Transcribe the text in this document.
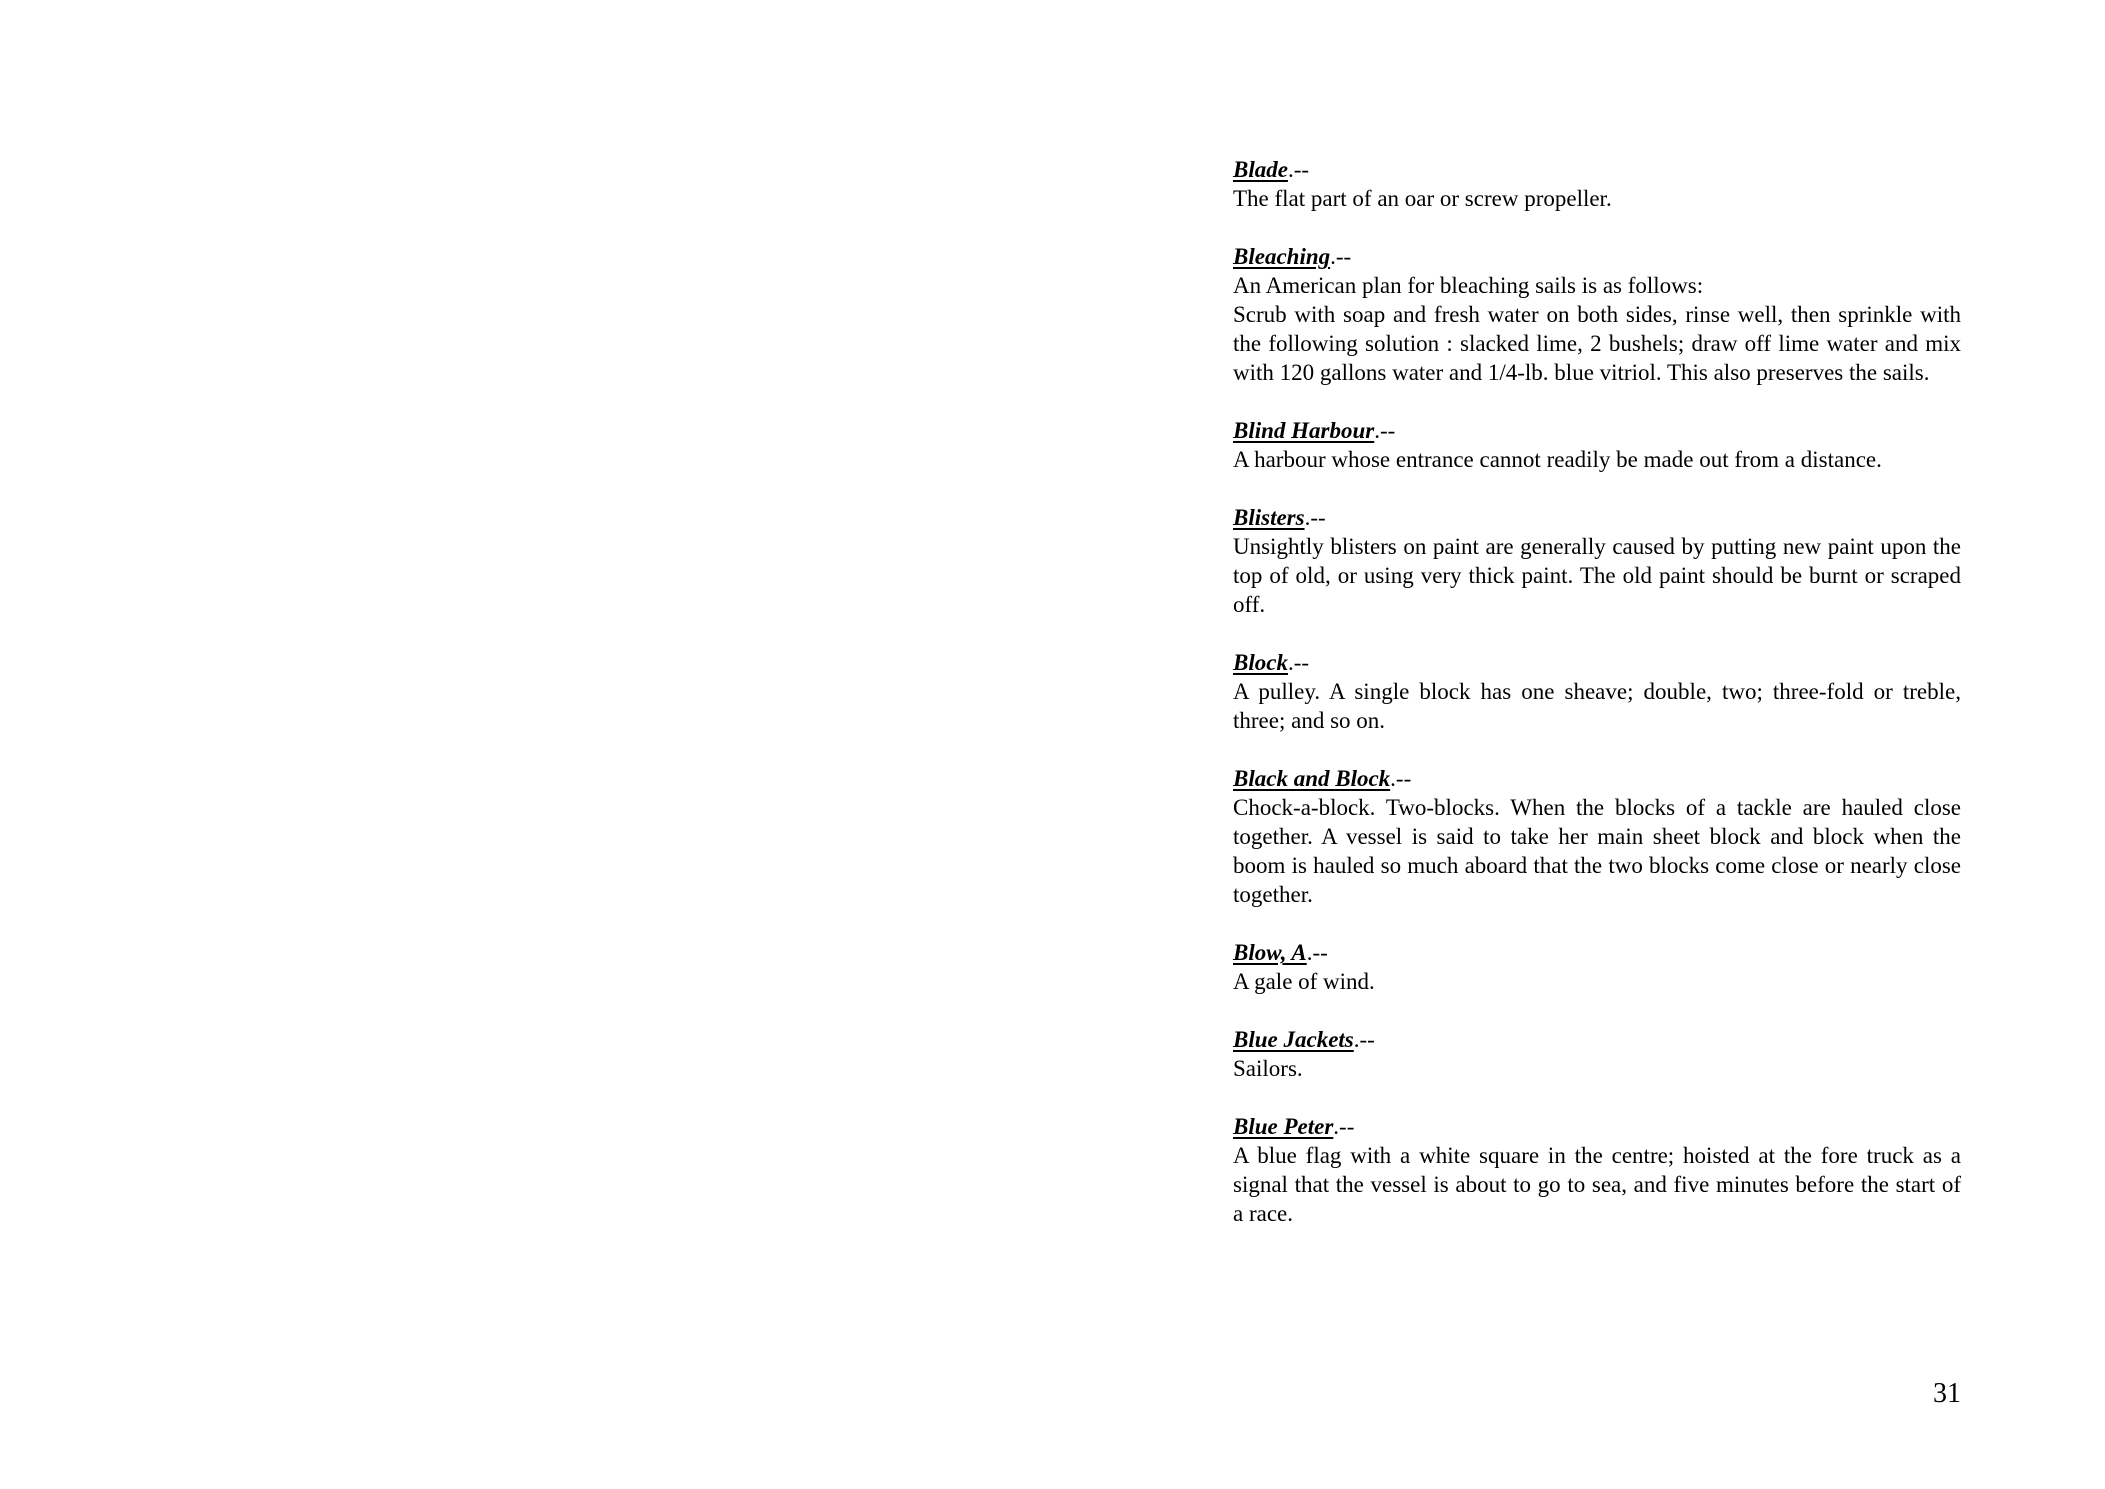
Blade.--

The flat part of an oar or screw propeller.

Bleaching.--

An American plan for bleaching sails is as follows:

Scrub with soap and fresh water on both sides, rinse well, then sprinkle with the following solution : slacked lime, 2 bushels; draw off lime water and mix with 120 gallons water and 1/4-lb. blue vitriol. This also preserves the sails.

Blind Harbour.--

A harbour whose entrance cannot readily be made out from a distance.

Blisters.--

Unsightly blisters on paint are generally caused by putting new paint upon the top of old, or using very thick paint. The old paint should be burnt or scraped off.

Block.--

A pulley. A single block has one sheave; double, two; three-fold or treble, three; and so on.

Black and Block.--

Chock-a-block. Two-blocks. When the blocks of a tackle are hauled close together. A vessel is said to take her main sheet block and block when the boom is hauled so much aboard that the two blocks come close or nearly close together.

Blow, A.--

A gale of wind.

Blue Jackets.--

Sailors.

Blue Peter.--

A blue flag with a white square in the centre; hoisted at the fore truck as a signal that the vessel is about to go to sea, and five minutes before the start of a race.

31
